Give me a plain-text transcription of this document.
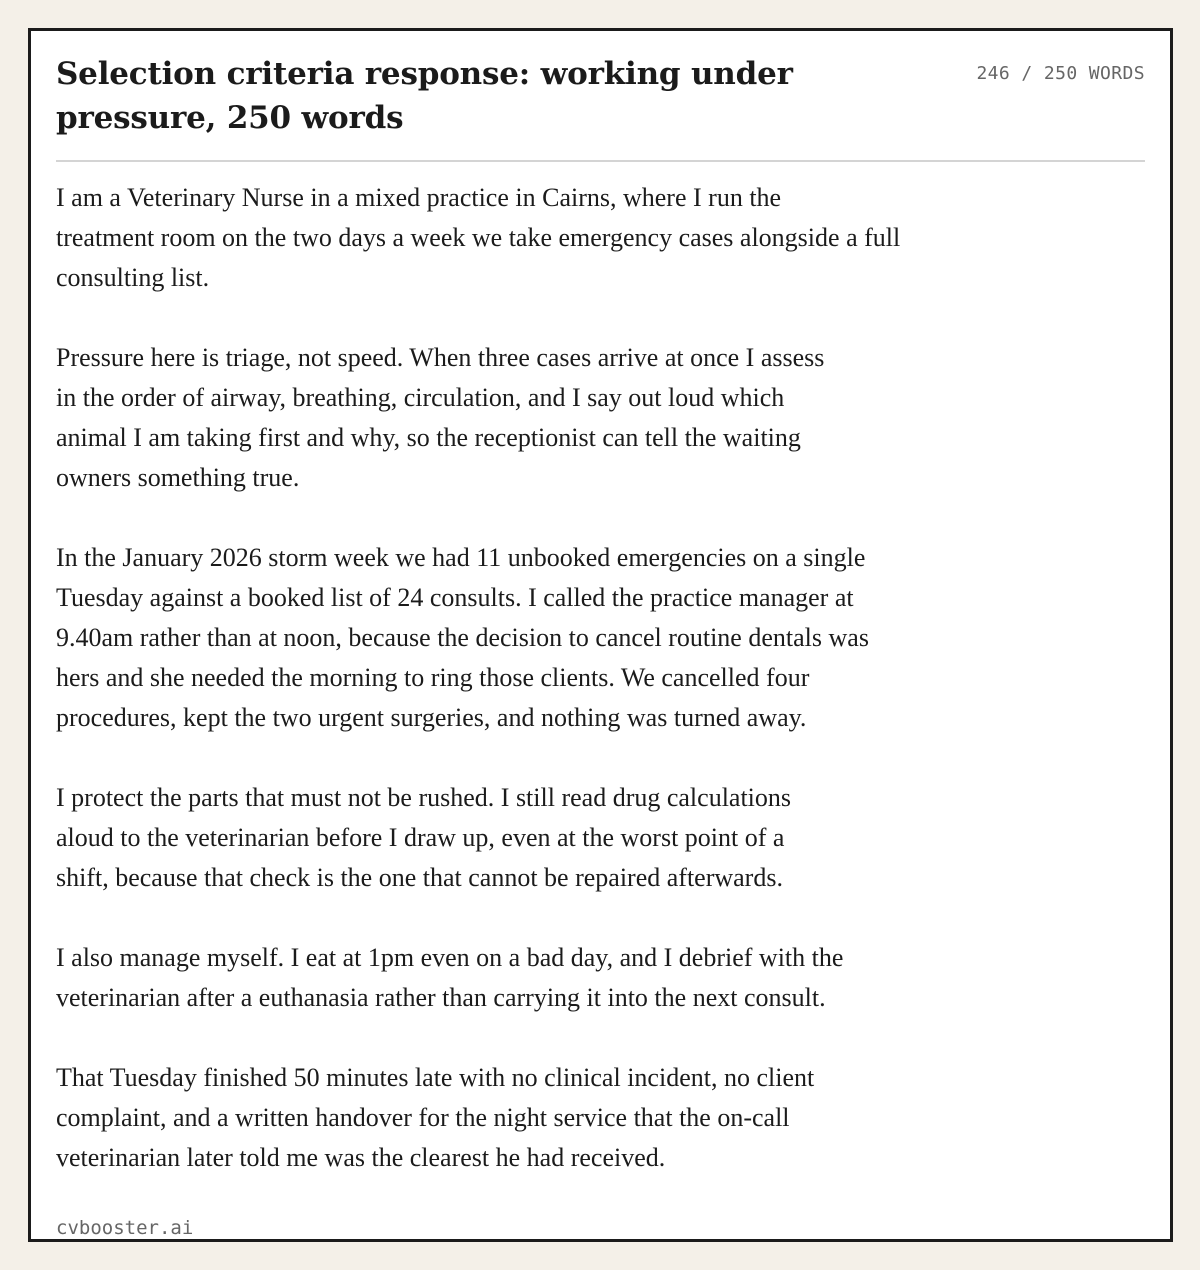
Selection criteria response: working under
pressure, 250 words
246 / 250 WORDS

I am a Veterinary Nurse in a mixed practice in Cairns, where I run the
treatment room on the two days a week we take emergency cases alongside a full
consulting list.

Pressure here is triage, not speed. When three cases arrive at once I assess
in the order of airway, breathing, circulation, and I say out loud which
animal I am taking first and why, so the receptionist can tell the waiting
owners something true.

In the January 2026 storm week we had 11 unbooked emergencies on a single
Tuesday against a booked list of 24 consults. I called the practice manager at
9.40am rather than at noon, because the decision to cancel routine dentals was
hers and she needed the morning to ring those clients. We cancelled four
procedures, kept the two urgent surgeries, and nothing was turned away.

I protect the parts that must not be rushed. I still read drug calculations
aloud to the veterinarian before I draw up, even at the worst point of a
shift, because that check is the one that cannot be repaired afterwards.

I also manage myself. I eat at 1pm even on a bad day, and I debrief with the
veterinarian after a euthanasia rather than carrying it into the next consult.

That Tuesday finished 50 minutes late with no clinical incident, no client
complaint, and a written handover for the night service that the on-call
veterinarian later told me was the clearest he had received.

cvbooster.ai
